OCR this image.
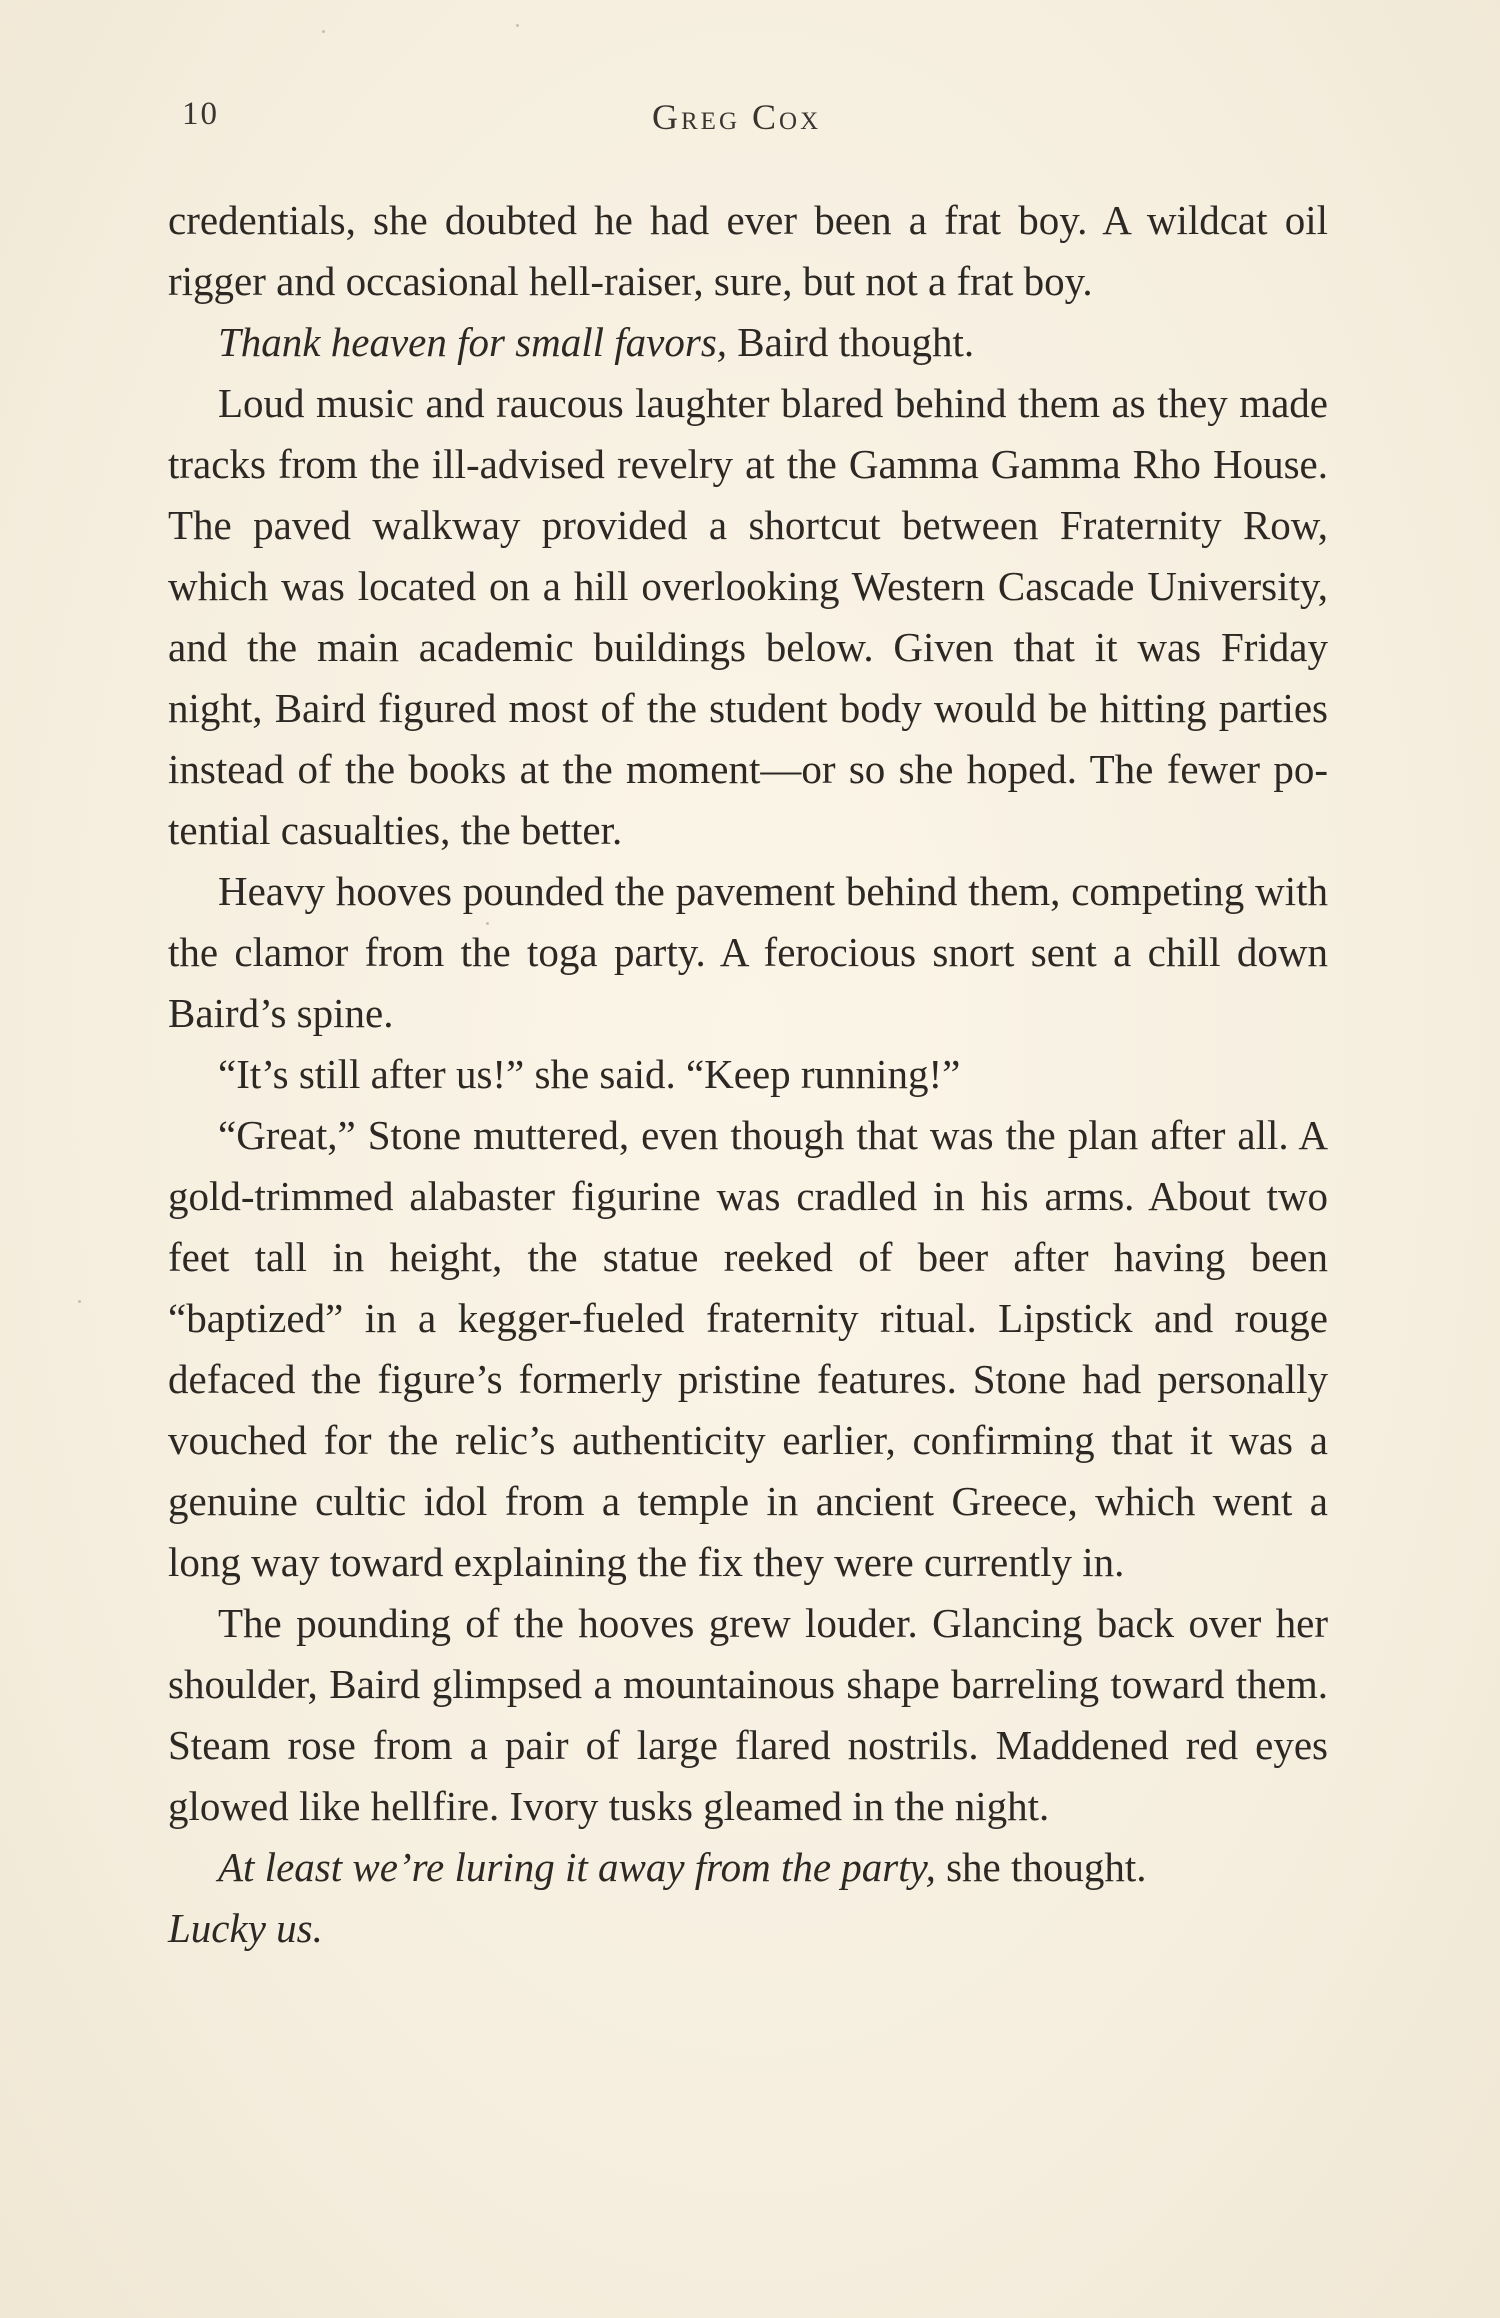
10	Greg Cox

credentials, she doubted he had ever been a frat boy. A wildcat oil rigger and occasional hell-raiser, sure, but not a frat boy.

Thank heaven for small favors, Baird thought.

Loud music and raucous laughter blared behind them as they made tracks from the ill-advised revelry at the Gamma Gamma Rho House. The paved walkway provided a shortcut between Fraternity Row, which was located on a hill overlooking Western Cascade University, and the main academic buildings below. Given that it was Friday night, Baird figured most of the student body would be hitting parties instead of the books at the moment—or so she hoped. The fewer potential casualties, the better.

Heavy hooves pounded the pavement behind them, competing with the clamor from the toga party. A ferocious snort sent a chill down Baird’s spine.

“It’s still after us!” she said. “Keep running!”

“Great,” Stone muttered, even though that was the plan after all. A gold-trimmed alabaster figurine was cradled in his arms. About two feet tall in height, the statue reeked of beer after having been “baptized” in a kegger-fueled fraternity ritual. Lipstick and rouge defaced the figure’s formerly pristine features. Stone had personally vouched for the relic’s authenticity earlier, confirming that it was a genuine cultic idol from a temple in ancient Greece, which went a long way toward explaining the fix they were currently in.

The pounding of the hooves grew louder. Glancing back over her shoulder, Baird glimpsed a mountainous shape barreling toward them. Steam rose from a pair of large flared nostrils. Maddened red eyes glowed like hellfire. Ivory tusks gleamed in the night.

At least we’re luring it away from the party, she thought.
Lucky us.
